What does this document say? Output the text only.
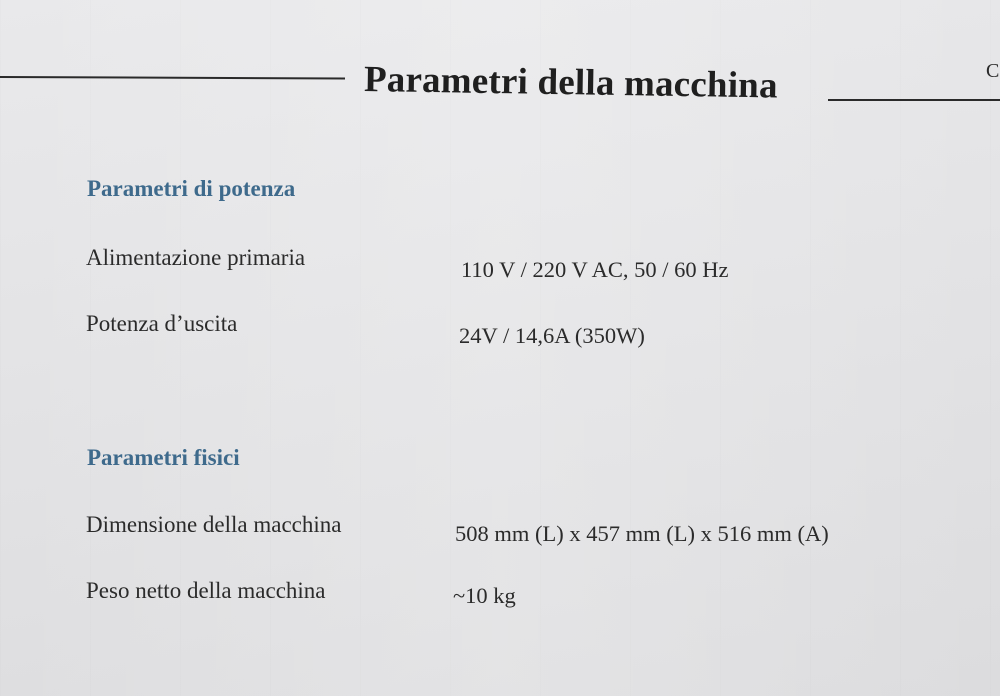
Parametri della macchina	C
Parametri di potenza
Alimentazione primaria	110 V / 220 V AC, 50 / 60 Hz
Potenza d’uscita	24V / 14,6A (350W)
Parametri fisici
Dimensione della macchina	508 mm (L) x 457 mm (L) x 516 mm (A)
Peso netto della macchina	~10 kg
